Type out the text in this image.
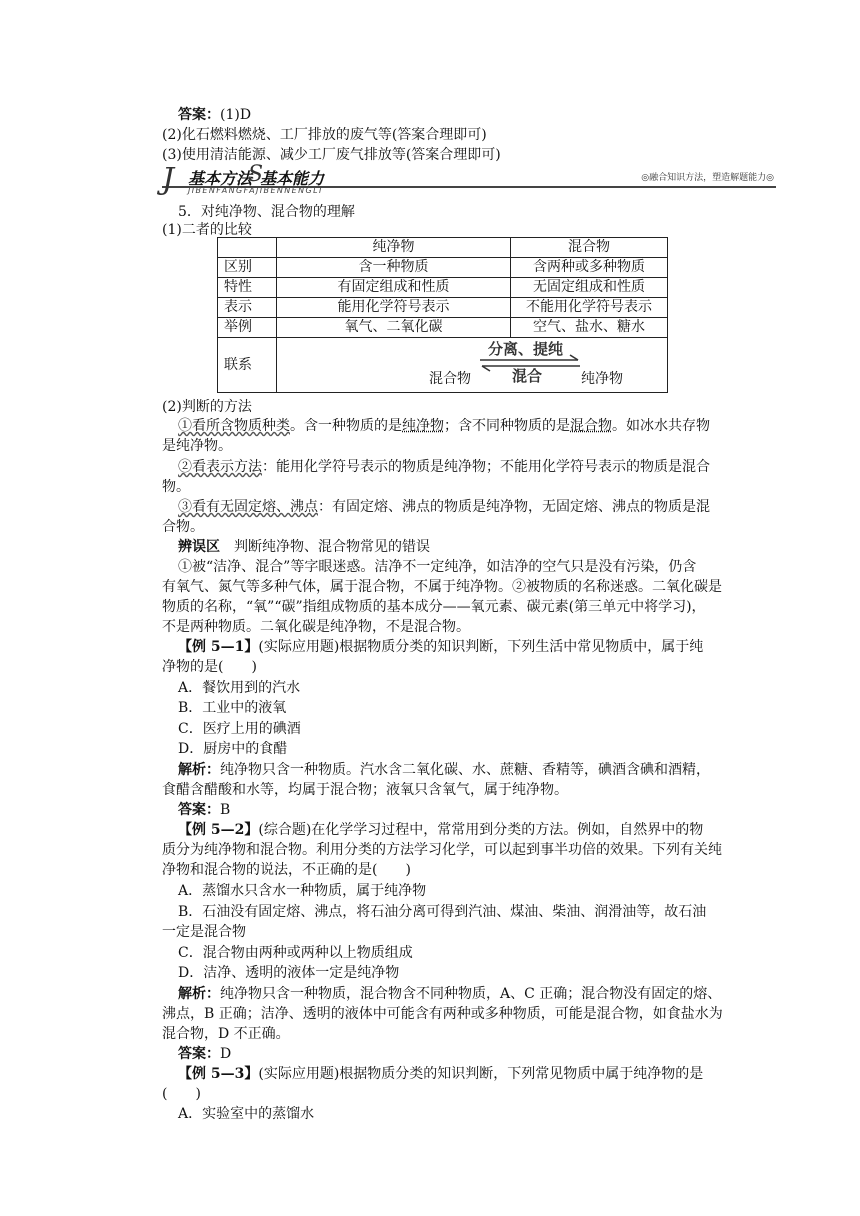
答案：(1)D
(2)化石燃料燃烧、工厂排放的废气等(答案合理即可)
(3)使用清洁能源、减少工厂废气排放等(答案合理即可)
J 基本方法
S
基本能力
JIBENFANGFAJIBENNENGLI
◎融合知识方法，塑造解题能力◎
5．对纯净物、混合物的理解
(1)二者的比较
	纯净物	混合物
区别	含一种物质	含两种或多种物质
特性	有固定组成和性质	无固定组成和性质
表示	能用化学符号表示	不能用化学符号表示
举例	氧气、二氧化碳	空气、盐水、糖水
联系	混合物
分离、提纯
混合 纯净物	
(2)判断的方法
①看所含物质种类。含一种物质的是纯净物；含不同种物质的是混合物。如冰水共存物
是纯净物。
②看表示方法：能用化学符号表示的物质是纯净物；不能用化学符号表示的物质是混合
物。
③看有无固定熔、沸点：有固定熔、沸点的物质是纯净物，无固定熔、沸点的物质是混
合物。
辨误区　 判断纯净物、混合物常见的错误
①被“洁净、混合”等字眼迷惑。洁净不一定纯净，如洁净的空气只是没有污染，仍含
有氧气、氮气等多种气体，属于混合物，不属于纯净物。②被物质的名称迷惑。二氧化碳是
物质的名称，“氧”“碳”指组成物质的基本成分——氧元素、碳元素(第三单元中将学习)，
不是两种物质。二氧化碳是纯净物，不是混合物。
【例 5—1】(实际应用题)根据物质分类的知识判断，下列生活中常见物质中，属于纯
净物的是(　　)
A．餐饮用到的汽水
B．工业中的液氧
C．医疗上用的碘酒
D．厨房中的食醋
解析：纯净物只含一种物质。汽水含二氧化碳、水、蔗糖、香精等，碘酒含碘和酒精，
食醋含醋酸和水等，均属于混合物；液氧只含氧气，属于纯净物。
答案：B
【例 5—2】(综合题)在化学学习过程中，常常用到分类的方法。例如，自然界中的物
质分为纯净物和混合物。利用分类的方法学习化学，可以起到事半功倍的效果。下列有关纯
净物和混合物的说法，不正确的是(　　)
A．蒸馏水只含水一种物质，属于纯净物
B．石油没有固定熔、沸点，将石油分离可得到汽油、煤油、柴油、润滑油等，故石油
一定是混合物
C．混合物由两种或两种以上物质组成
D．洁净、透明的液体一定是纯净物
解析：纯净物只含一种物质，混合物含不同种物质，A、C 正确；混合物没有固定的熔、
沸点，B 正确；洁净、透明的液体中可能含有两种或多种物质，可能是混合物，如食盐水为
混合物，D 不正确。
答案：D
【例 5—3】(实际应用题)根据物质分类的知识判断，下列常见物质中属于纯净物的是
(　　)
A．实验室中的蒸馏水
